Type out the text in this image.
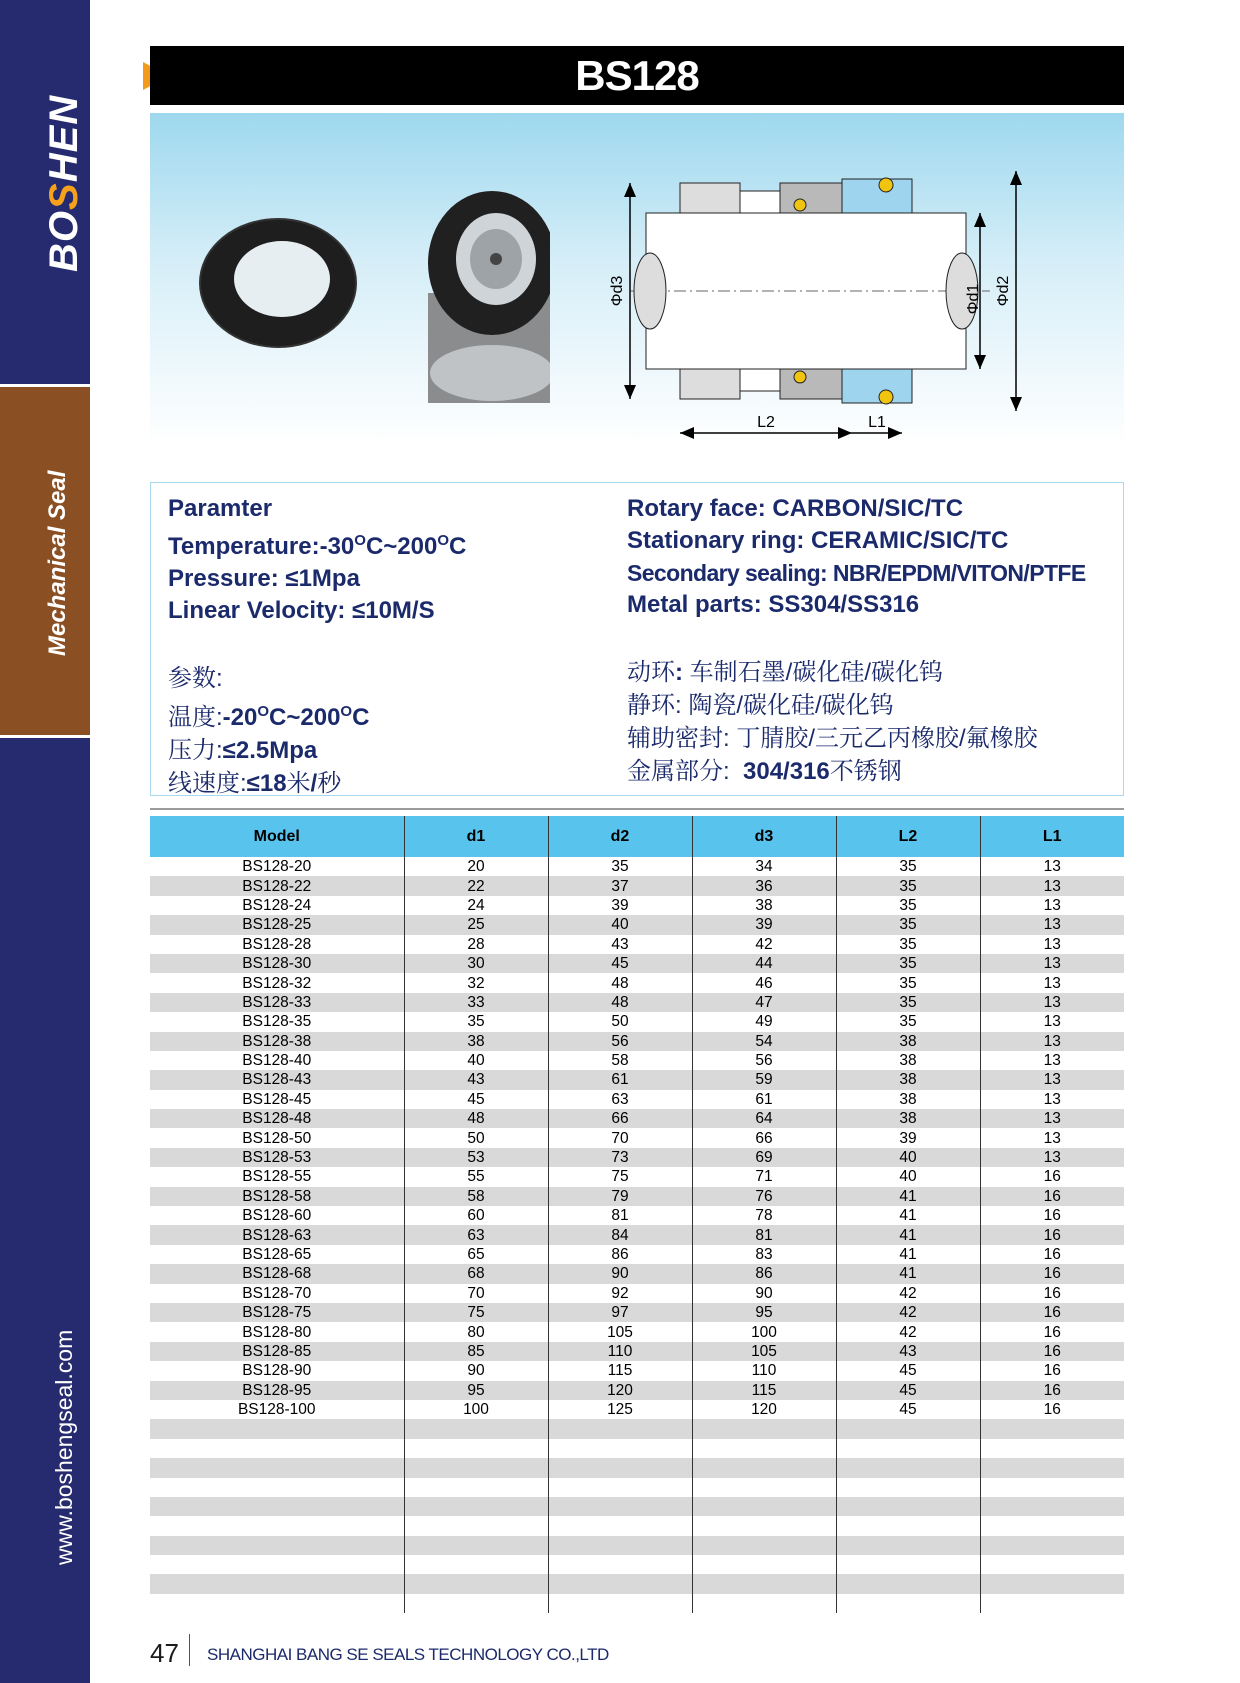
BOSHEN
Mechanical Seal
www.boshengseal.com
BS128
Φd3	Φd1 Φd2
L2	L1
Paramter
$Temperature:-30^OC\sim 200^OC$
Pressure: ≤1Mpa
Linear Velocity: ≤10M/S
参数:
温度$:-20^OC\sim 200^OC$
压力:≤2.5Mpa
线速度:≤18米/秒
Rotary face: CARBON/SIC/TC
Stationary ring: CERAMIC/SIC/TC
Secondary sealing: NBR/EPDM/VITON/PTFE
Metal parts: SS304/SS316
动环: 车制石墨/碳化硅/碳化钨
静环: 陶瓷/碳化硅/碳化钨
辅助密封: 丁腈胶/三元乙丙橡胶/氟橡胶
金属部分: 304/316不锈钢
Model	d1	d2	d3	L2	L1
BS128-20	20	35	34	35	13
BS128-22	22	37	36	35	13
BS128-24	24	39	38	35	13
BS128-25	25	40	39	35	13
BS128-28	28	43	42	35	13
BS128-30	30	45	44	35	13
BS128-32	32	48	46	35	13
BS128-33	33	48	47	35	13
BS128-35	35	50	49	35	13
BS128-38	38	56	54	38	13
BS128-40	40	58	56	38	13
BS128-43	43	61	59	38	13
BS128-45	45	63	61	38	13
BS128-48	48	66	64	38	13
BS128-50	50	70	66	39	13
BS128-53	53	73	69	40	13
BS128-55	55	75	71	40	16
BS128-58	58	79	76	41	16
BS128-60	60	81	78	41	16
BS128-63	63	84	81	41	16
BS128-65	65	86	83	41	16
BS128-68	68	90	86	41	16
BS128-70	70	92	90	42	16
BS128-75	75	97	95	42	16
BS128-80	80	105	100	42	16
BS128-85	85	110	105	43	16
BS128-90	90	115	110	45	16
BS128-95	95	120	115	45	16
BS128-100	100	125	120	45	16

47 SHANGHAI BANG SE SEALS TECHNOLOGY CO.,LTD
